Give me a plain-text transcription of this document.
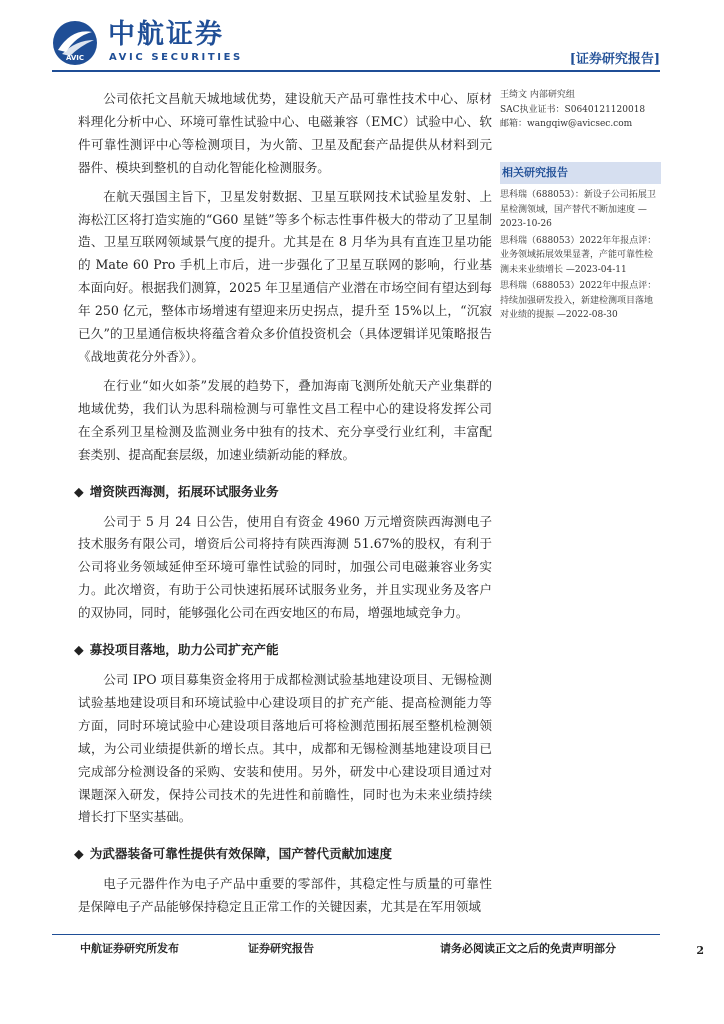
AVIC
中航证券
AVIC SECURITIES	[证券研究报告]

公司依托文昌航天城地域优势，建设航天产品可靠性技术中心、原材料理化分析中心、环境可靠性试验中心、电磁兼容（EMC）试验中心、软件可靠性测评中心等检测项目，为火箭、卫星及配套产品提供从材料到元器件、模块到整机的自动化智能化检测服务。

在航天强国主旨下，卫星发射数据、卫星互联网技术试验星发射、上海松江区将打造实施的“G60 星链”等多个标志性事件极大的带动了卫星制造、卫星互联网领域景气度的提升。尤其是在 8 月华为具有直连卫星功能的 Mate 60 Pro 手机上市后，进一步强化了卫星互联网的影响，行业基本面向好。根据我们测算，2025 年卫星通信产业潜在市场空间有望达到每年 250 亿元，整体市场增速有望迎来历史拐点，提升至 15%以上，“沉寂已久”的卫星通信板块将蕴含着众多价值投资机会（具体逻辑详见策略报告《战地黄花分外香》）。

在行业“如火如荼”发展的趋势下，叠加海南飞测所处航天产业集群的地域优势，我们认为思科瑞检测与可靠性文昌工程中心的建设将发挥公司在全系列卫星检测及监测业务中独有的技术、充分享受行业红利，丰富配套类别、提高配套层级，加速业绩新动能的释放。

◆ 增资陕西海测，拓展环试服务业务

公司于 5 月 24 日公告，使用自有资金 4960 万元增资陕西海测电子技术服务有限公司，增资后公司将持有陕西海测 51.67%的股权，有利于公司将业务领域延伸至环境可靠性试验的同时，加强公司电磁兼容业务实力。此次增资，有助于公司快速拓展环试服务业务，并且实现业务及客户的双协同，同时，能够强化公司在西安地区的布局，增强地域竞争力。

◆ 募投项目落地，助力公司扩充产能

公司 IPO 项目募集资金将用于成都检测试验基地建设项目、无锡检测试验基地建设项目和环境试验中心建设项目的扩充产能、提高检测能力等方面，同时环境试验中心建设项目落地后可将检测范围拓展至整机检测领域，为公司业绩提供新的增长点。其中，成都和无锡检测基地建设项目已完成部分检测设备的采购、安装和使用。另外，研发中心建设项目通过对课题深入研发，保持公司技术的先进性和前瞻性，同时也为未来业绩持续增长打下坚实基础。

◆ 为武器装备可靠性提供有效保障，国产替代贡献加速度

电子元器件作为电子产品中重要的零部件，其稳定性与质量的可靠性是保障电子产品能够保持稳定且正常工作的关键因素，尤其是在军用领域

王绮文 内部研究组
SAC执业证书：S0640121120018
邮箱：wangqiw@avicsec.com
相关研究报告
思科瑞（688053）：新设子公司拓展卫星检测领域，国产替代不断加速度 —2023-10-26
思科瑞（688053）2022年年报点评：业务领域拓展效果显著，产能可靠性检测未来业绩增长 —2023-04-11
思科瑞（688053）2022年中报点评：持续加强研发投入，新建检测项目落地对业绩的提振 —2022-08-30
中航证券研究所发布	证券研究报告	请务必阅读正文之后的免责声明部分	2
